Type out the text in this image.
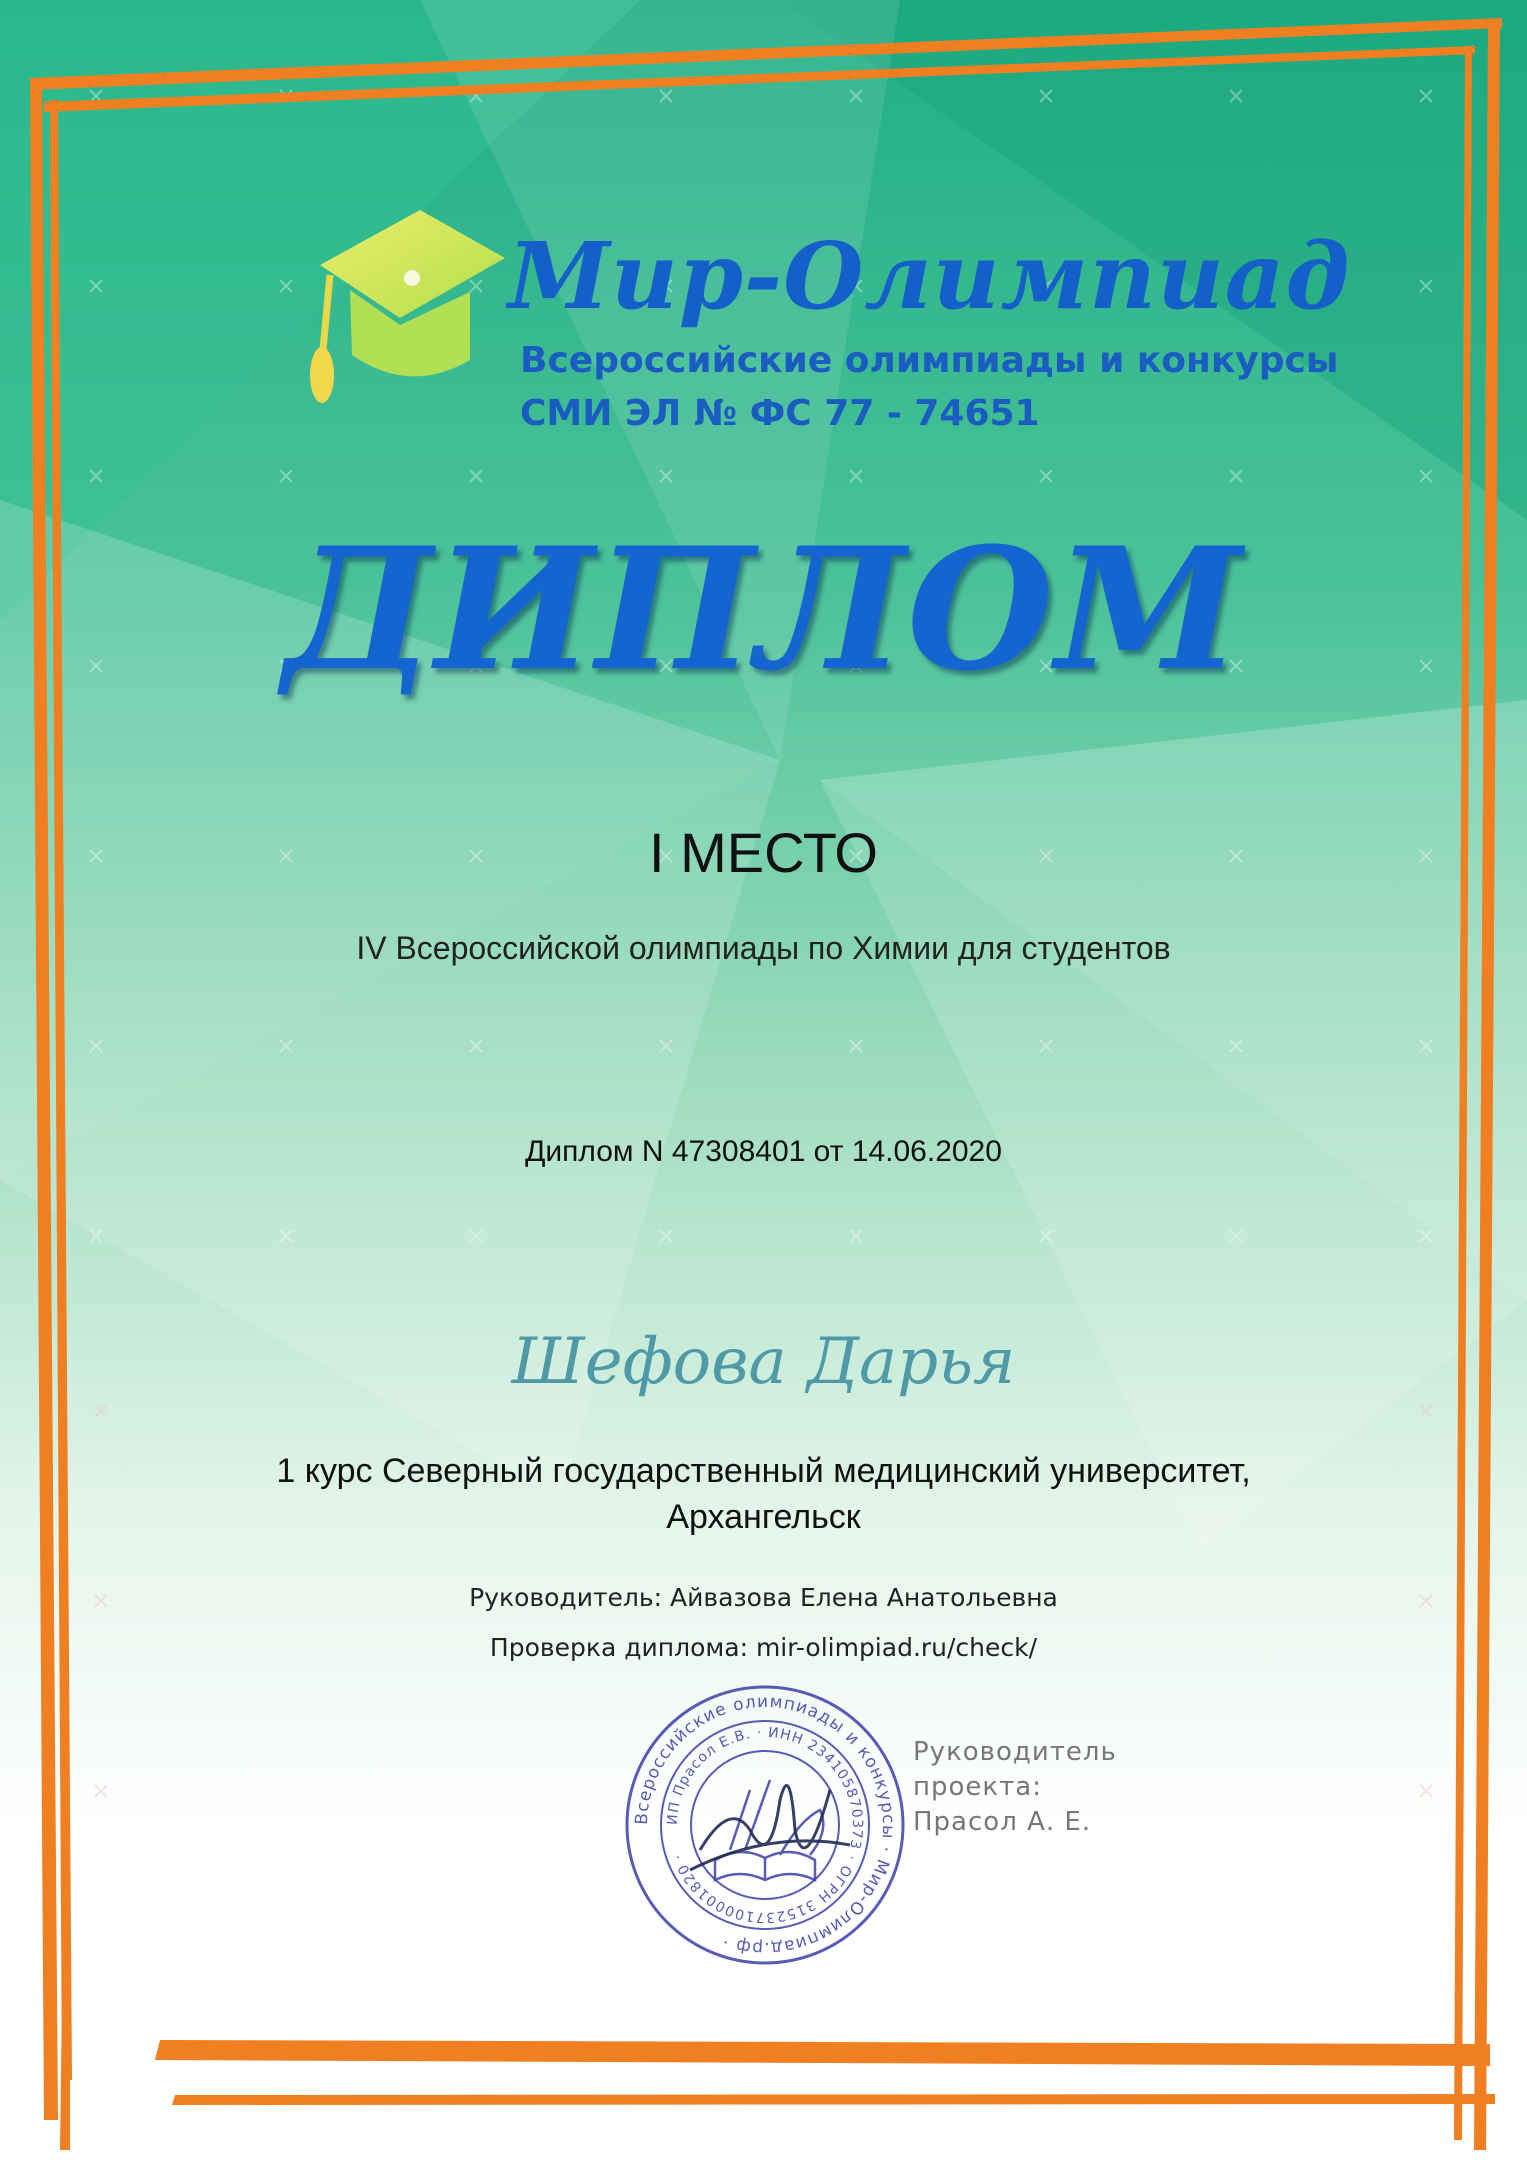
Мир-Олимпиад
Всероссийские олимпиады и конкурсы
СМИ ЭЛ № ФС 77 - 74651
ДИПЛОМ
I МЕСТО
IV Всероссийской олимпиады по Химии для студентов
Диплом N 47308401 от 14.06.2020
Шефова Дарья
1 курс Северный государственный медицинский университет,
Архангельск
Руководитель: Айвазова Елена Анатольевна
Проверка диплома: mir-olimpiad.ru/check/
Всероссийские олимпиады и конкурсы · Мир-Олимпиад.рф ·
ИП Прасол Е.В. · ИНН 234105870373 · ОГРН 315237100001820 ·
Руководитель
проекта:
Прасол А. Е.
